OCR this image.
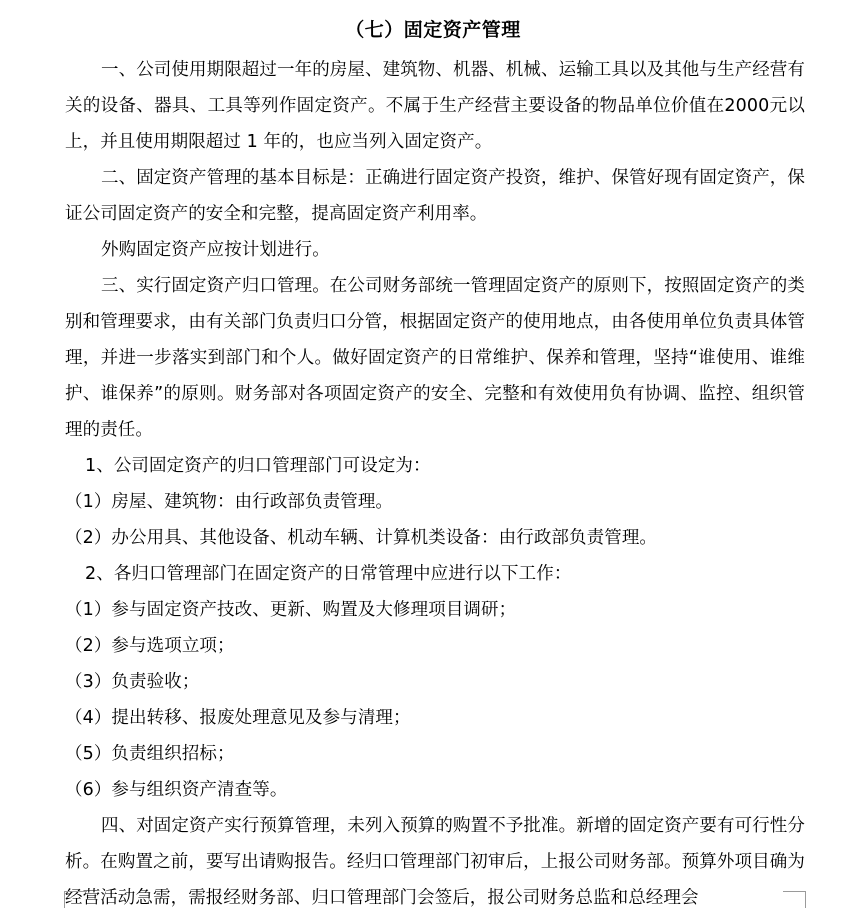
（七）固定资产管理

一、公司使用期限超过一年的房屋、建筑物、机器、机械、运输工具以及其他与生产经营有关的设备、器具、工具等列作固定资产。不属于生产经营主要设备的物品单位价值在2000元以上，并且使用期限超过 1 年的，也应当列入固定资产。

二、固定资产管理的基本目标是：正确进行固定资产投资，维护、保管好现有固定资产，保证公司固定资产的安全和完整，提高固定资产利用率。

外购固定资产应按计划进行。

三、实行固定资产归口管理。在公司财务部统一管理固定资产的原则下，按照固定资产的类别和管理要求，由有关部门负责归口分管，根据固定资产的使用地点，由各使用单位负责具体管理，并进一步落实到部门和个人。做好固定资产的日常维护、保养和管理，坚持“谁使用、谁维护、谁保养”的原则。财务部对各项固定资产的安全、完整和有效使用负有协调、监控、组织管理的责任。

1、公司固定资产的归口管理部门可设定为：

（1）房屋、建筑物：由行政部负责管理。

（2）办公用具、其他设备、机动车辆、计算机类设备：由行政部负责管理。

2、各归口管理部门在固定资产的日常管理中应进行以下工作：

（1）参与固定资产技改、更新、购置及大修理项目调研；

（2）参与选项立项；

（3）负责验收；

（4）提出转移、报废处理意见及参与清理；

（5）负责组织招标；

（6）参与组织资产清查等。

四、对固定资产实行预算管理，未列入预算的购置不予批准。新增的固定资产要有可行性分析。在购置之前，要写出请购报告。经归口管理部门初审后，上报公司财务部。预算外项目确为经营活动急需，需报经财务部、归口管理部门会签后，报公司财务总监和总经理会
